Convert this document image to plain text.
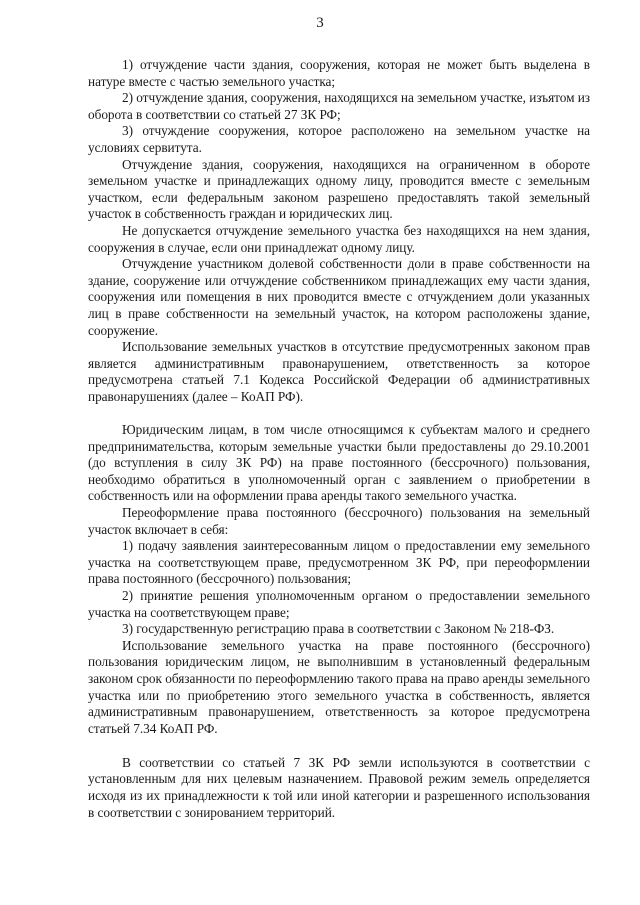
3

1) отчуждение части здания, сооружения, которая не может быть выделена в натуре вместе с частью земельного участка;

2) отчуждение здания, сооружения, находящихся на земельном участке, изъятом из оборота в соответствии со статьей 27 ЗК РФ;

3) отчуждение сооружения, которое расположено на земельном участке на условиях сервитута.

Отчуждение здания, сооружения, находящихся на ограниченном в обороте земельном участке и принадлежащих одному лицу, проводится вместе с земельным участком, если федеральным законом разрешено предоставлять такой земельный участок в собственность граждан и юридических лиц.

Не допускается отчуждение земельного участка без находящихся на нем здания, сооружения в случае, если они принадлежат одному лицу.

Отчуждение участником долевой собственности доли в праве собственности на здание, сооружение или отчуждение собственником принадлежащих ему части здания, сооружения или помещения в них проводится вместе с отчуждением доли указанных лиц в праве собственности на земельный участок, на котором расположены здание, сооружение.

Использование земельных участков в отсутствие предусмотренных законом прав является административным правонарушением, ответственность за которое предусмотрена статьей 7.1 Кодекса Российской Федерации об административных правонарушениях (далее – КоАП РФ).

Юридическим лицам, в том числе относящимся к субъектам малого и среднего предпринимательства, которым земельные участки были предоставлены до 29.10.2001 (до вступления в силу ЗК РФ) на праве постоянного (бессрочного) пользования, необходимо обратиться в уполномоченный орган с заявлением о приобретении в собственность или на оформлении права аренды такого земельного участка.

Переоформление права постоянного (бессрочного) пользования на земельный участок включает в себя:

1) подачу заявления заинтересованным лицом о предоставлении ему земельного участка на соответствующем праве, предусмотренном ЗК РФ, при переоформлении права постоянного (бессрочного) пользования;

2) принятие решения уполномоченным органом о предоставлении земельного участка на соответствующем праве;

3) государственную регистрацию права в соответствии с Законом № 218-ФЗ.

Использование земельного участка на праве постоянного (бессрочного) пользования юридическим лицом, не выполнившим в установленный федеральным законом срок обязанности по переоформлению такого права на право аренды земельного участка или по приобретению этого земельного участка в собственность, является административным правонарушением, ответственность за которое предусмотрена статьей 7.34 КоАП РФ.

В соответствии со статьей 7 ЗК РФ земли используются в соответствии с установленным для них целевым назначением. Правовой режим земель определяется исходя из их принадлежности к той или иной категории и разрешенного использования в соответствии с зонированием территорий.
